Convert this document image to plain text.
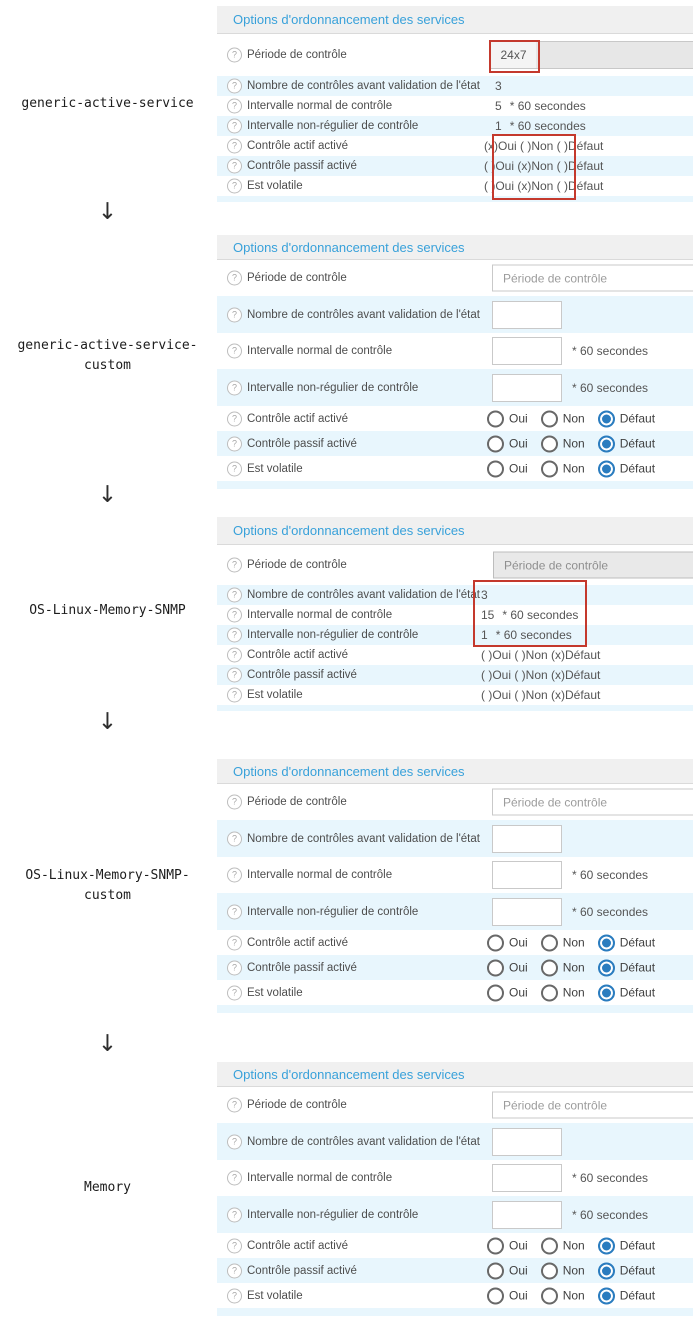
generic-active-service
↓
generic-active-service-
custom
↓
OS-Linux-Memory-SNMP
↓
OS-Linux-Memory-SNMP-
custom
↓
Memory
Options d'ordonnancement des services
? Période de contrôle	24x7
? Nombre de contrôles avant validation de l'état 3
? Intervalle normal de contrôle	5 * 60 secondes
? Intervalle non-régulier de contrôle	1 * 60 secondes
? Contrôle actif activé	(x)Oui ( )Non ( )Défaut
? Contrôle passif activé	( )Oui (x)Non ( )Défaut
? Est volatile	( )Oui (x)Non ( )Défaut
Options d'ordonnancement des services
? Période de contrôle
Période de contrôle
? Nombre de contrôles avant validation de l'état
? Intervalle normal de contrôle	* 60 secondes
? Intervalle non-régulier de contrôle	* 60 secondes
? Contrôle actif activé	Oui	Non	Défaut
? Contrôle passif activé	Oui	Non	Défaut
? Est volatile	Oui	Non	Défaut
Options d'ordonnancement des services
? Période de contrôle
Période de contrôle
? Nombre de contrôles avant validation de l'état 3
? Intervalle normal de contrôle	15 * 60 secondes
? Intervalle non-régulier de contrôle	1 * 60 secondes
? Contrôle actif activé	( )Oui ( )Non (x)Défaut
? Contrôle passif activé	( )Oui ( )Non (x)Défaut
? Est volatile	( )Oui ( )Non (x)Défaut
Options d'ordonnancement des services
? Période de contrôle
Période de contrôle
? Nombre de contrôles avant validation de l'état
? Intervalle normal de contrôle	* 60 secondes
? Intervalle non-régulier de contrôle	* 60 secondes
? Contrôle actif activé	Oui	Non	Défaut
? Contrôle passif activé	Oui	Non	Défaut
? Est volatile	Oui	Non	Défaut
Options d'ordonnancement des services
? Période de contrôle
Période de contrôle
? Nombre de contrôles avant validation de l'état
? Intervalle normal de contrôle	* 60 secondes
? Intervalle non-régulier de contrôle	* 60 secondes
? Contrôle actif activé	Oui	Non	Défaut
? Contrôle passif activé	Oui	Non	Défaut
? Est volatile	Oui	Non	Défaut
